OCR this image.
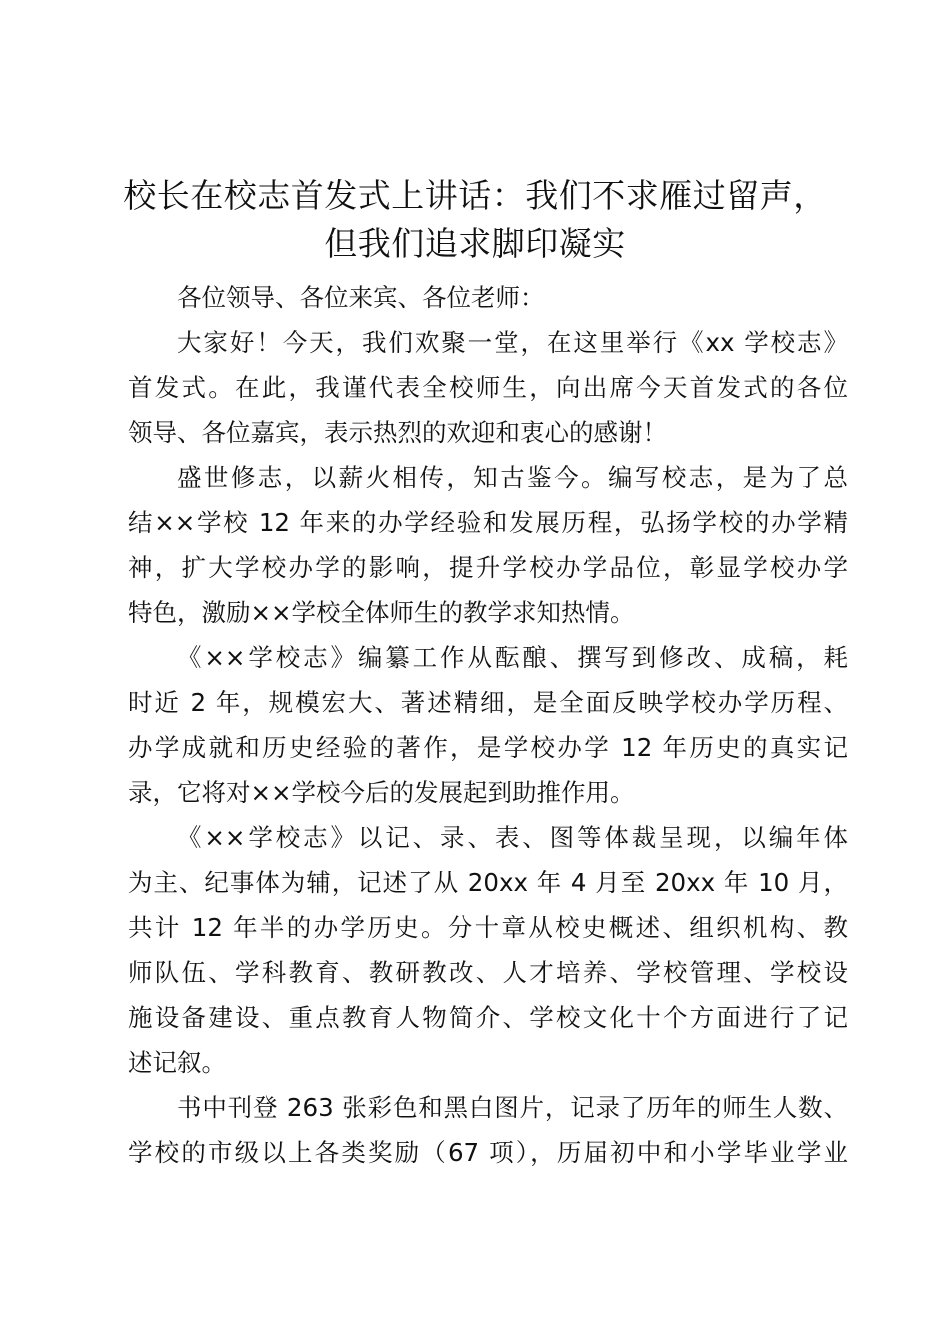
校长在校志首发式上讲话：我们不求雁过留声，
但我们追求脚印凝实
各位领导、各位来宾、各位老师：
大家好！今天，我们欢聚一堂，在这里举行《xx 学校志》
首发式。在此，我谨代表全校师生，向出席今天首发式的各位
领导、各位嘉宾，表示热烈的欢迎和衷心的感谢！
盛世修志，以薪火相传，知古鉴今。编写校志，是为了总
结××学校 12 年来的办学经验和发展历程，弘扬学校的办学精
神，扩大学校办学的影响，提升学校办学品位，彰显学校办学
特色，激励××学校全体师生的教学求知热情。
《××学校志》编纂工作从酝酿、撰写到修改、成稿，耗
时近 2 年，规模宏大、著述精细，是全面反映学校办学历程、
办学成就和历史经验的著作，是学校办学 12 年历史的真实记
录，它将对××学校今后的发展起到助推作用。
《××学校志》以记、录、表、图等体裁呈现，以编年体
为主、纪事体为辅，记述了从 20xx 年 4 月至 20xx 年 10 月，
共计 12 年半的办学历史。分十章从校史概述、组织机构、教
师队伍、学科教育、教研教改、人才培养、学校管理、学校设
施设备建设、重点教育人物简介、学校文化十个方面进行了记
述记叙。
书中刊登 263 张彩色和黑白图片，记录了历年的师生人数、
学校的市级以上各类奖励（67 项），历届初中和小学毕业学业
